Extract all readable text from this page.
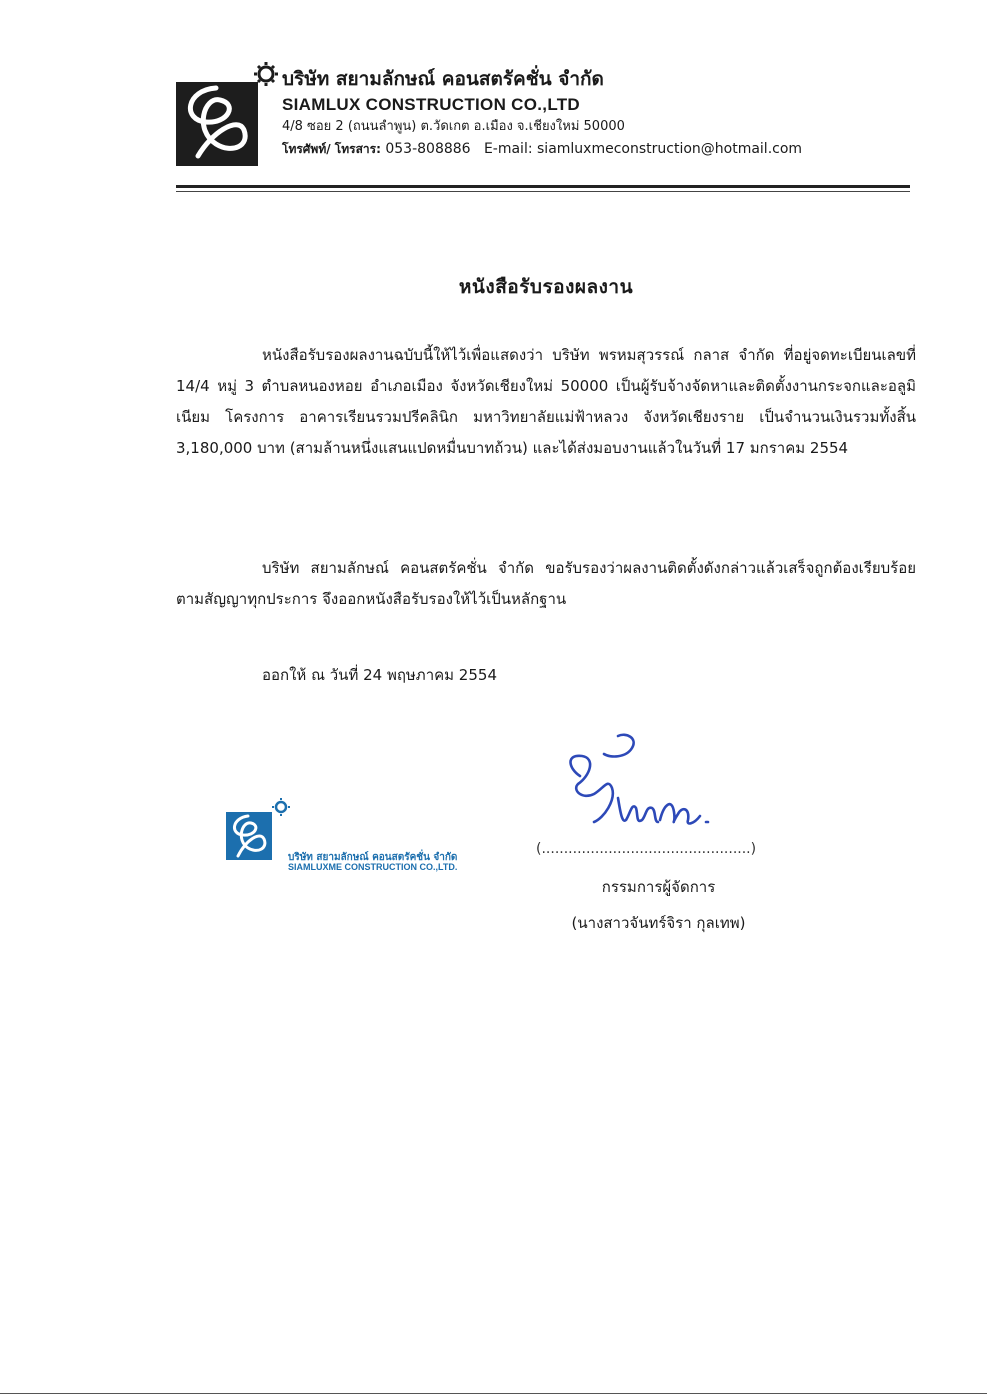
บริษัท สยามลักษณ์ คอนสตรัคชั่น จำกัด
SIAMLUX CONSTRUCTION CO.,LTD
4/8 ซอย 2 (ถนนลำพูน) ต.วัดเกต อ.เมือง จ.เชียงใหม่ 50000
โทรศัพท์/ โทรสาร: 053-808886 E-mail: siamluxmeconstruction@hotmail.com
หนังสือรับรองผลงาน
หนังสือรับรองผลงานฉบับนี้ให้ไว้เพื่อแสดงว่า บริษัท พรหมสุวรรณ์ กลาส จำกัด ที่อยู่จดทะเบียนเลขที่ 14/4 หมู่ 3 ตำบลหนองหอย อำเภอเมือง จังหวัดเชียงใหม่ 50000 เป็นผู้รับจ้างจัดหาและติดตั้งงานกระจกและอลูมิเนียม โครงการ อาคารเรียนรวมปรีคลินิก มหาวิทยาลัยแม่ฟ้าหลวง จังหวัดเชียงราย เป็นจำนวนเงินรวมทั้งสิ้น 3,180,000 บาท (สามล้านหนึ่งแสนแปดหมื่นบาทถ้วน) และได้ส่งมอบงานแล้วในวันที่ 17 มกราคม 2554
บริษัท สยามลักษณ์ คอนสตรัคชั่น จำกัด ขอรับรองว่าผลงานติดตั้งดังกล่าวแล้วเสร็จถูกต้องเรียบร้อยตามสัญญาทุกประการ จึงออกหนังสือรับรองให้ไว้เป็นหลักฐาน
ออกให้ ณ วันที่ 24 พฤษภาคม 2554
บริษัท สยามลักษณ์ คอนสตรัคชั่น จำกัด
SIAMLUXME CONSTRUCTION CO.,LTD.
(...............................................)
กรรมการผู้จัดการ
(นางสาวจันทร์จิรา กุลเทพ)
